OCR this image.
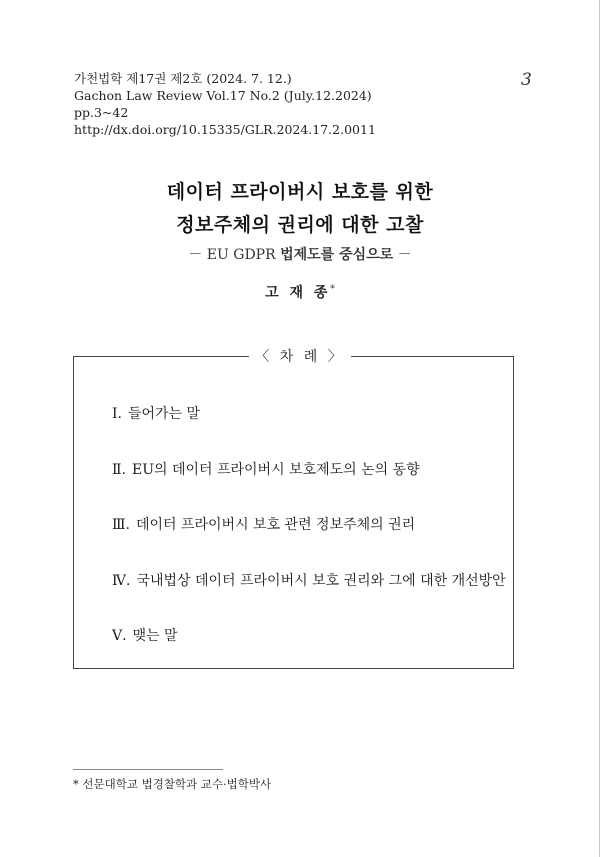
가천법학 제17권 제2호 (2024. 7. 12.)
Gachon Law Review Vol.17 No.2 (July.12.2024)
pp.3~42
http://dx.doi.org/10.15335/GLR.2024.17.2.0011
3
데이터 프라이버시 보호를 위한
정보주체의 권리에 대한 고찰
－ EU GDPR 법제도를 중심으로 －
고 재 종*
〈 차 례 〉
Ⅰ. 들어가는 말
Ⅱ. EU의 데이터 프라이버시 보호제도의 논의 동향
Ⅲ. 데이터 프라이버시 보호 관련 정보주체의 권리
Ⅳ. 국내법상 데이터 프라이버시 보호 권리와 그에 대한 개선방안
Ⅴ. 맺는 말
* 선문대학교 법경찰학과 교수·법학박사
